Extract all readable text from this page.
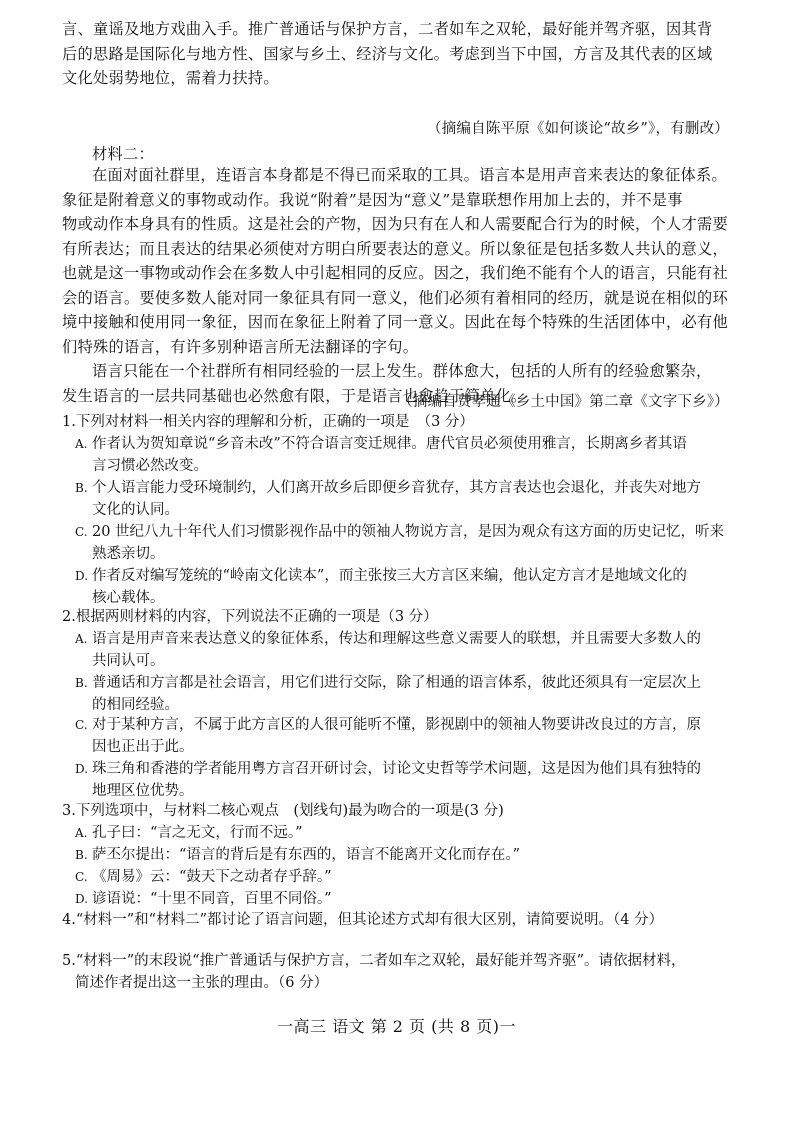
言、童谣及地方戏曲入手。推广普通话与保护方言，二者如车之双轮，最好能并驾齐驱，因其背
后的思路是国际化与地方性、国家与乡土、经济与文化。考虑到当下中国，方言及其代表的区域
文化处弱势地位，需着力扶持。
（摘编自陈平原《如何谈论“故乡”》，有删改）
材料二：
在面对面社群里，连语言本身都是不得已而采取的工具。语言本是用声音来表达的象征体系。
象征是附着意义的事物或动作。我说“附着”是因为“意义”是靠联想作用加上去的，并不是事
物或动作本身具有的性质。这是社会的产物，因为只有在人和人需要配合行为的时候，个人才需要
有所表达；而且表达的结果必须使对方明白所要表达的意义。所以象征是包括多数人共认的意义，
也就是这一事物或动作会在多数人中引起相同的反应。因之，我们绝不能有个人的语言，只能有社
会的语言。要使多数人能对同一象征具有同一意义，他们必须有着相同的经历，就是说在相似的环
境中接触和使用同一象征，因而在象征上附着了同一意义。因此在每个特殊的生活团体中，必有他
们特殊的语言，有许多别种语言所无法翻译的字句。
语言只能在一个社群所有相同经验的一层上发生。群体愈大，包括的人所有的经验愈繁杂，
发生语言的一层共同基础也必然愈有限，于是语言也愈趋于简单化。
（摘编自费孝通《乡土中国》第二章《文字下乡》）
1.下列对材料一相关内容的理解和分析，正确的一项是　（3 分）
A. 作者认为贺知章说“乡音未改”不符合语言变迁规律。唐代官员必须使用雅言，长期离乡者其语
言习惯必然改变。
B. 个人语言能力受环境制约，人们离开故乡后即便乡音犹存，其方言表达也会退化，并丧失对地方
文化的认同。
C. 20 世纪八九十年代人们习惯影视作品中的领袖人物说方言，是因为观众有这方面的历史记忆，听来
熟悉亲切。
D. 作者反对编写笼统的“岭南文化读本”，而主张按三大方言区来编，他认定方言才是地域文化的
核心载体。
2.根据两则材料的内容，下列说法不正确的一项是（3 分）
A. 语言是用声音来表达意义的象征体系，传达和理解这些意义需要人的联想，并且需要大多数人的
共同认可。
B. 普通话和方言都是社会语言，用它们进行交际，除了相通的语言体系，彼此还须具有一定层次上
的相同经验。
C. 对于某种方言，不属于此方言区的人很可能听不懂，影视剧中的领袖人物要讲改良过的方言，原
因也正出于此。
D. 珠三角和香港的学者能用粤方言召开研讨会，讨论文史哲等学术问题，这是因为他们具有独特的
地理区位优势。
3.下列选项中，与材料二核心观点　(划线句)最为吻合的一项是(3 分)
A. 孔子曰：“言之无文，行而不远。”
B. 萨丕尔提出：“语言的背后是有东西的，语言不能离开文化而存在。”
C. 《周易》云：“鼓天下之动者存乎辞。”
D. 谚语说：“十里不同音，百里不同俗。”
4.“材料一”和“材料二”都讨论了语言问题，但其论述方式却有很大区别，请简要说明。（4 分）
5.“材料一”的末段说“推广普通话与保护方言，二者如车之双轮，最好能并驾齐驱”。请依据材料，
简述作者提出这一主张的理由。（6 分）
一高三 语文 第 2 页 (共 8 页)一
